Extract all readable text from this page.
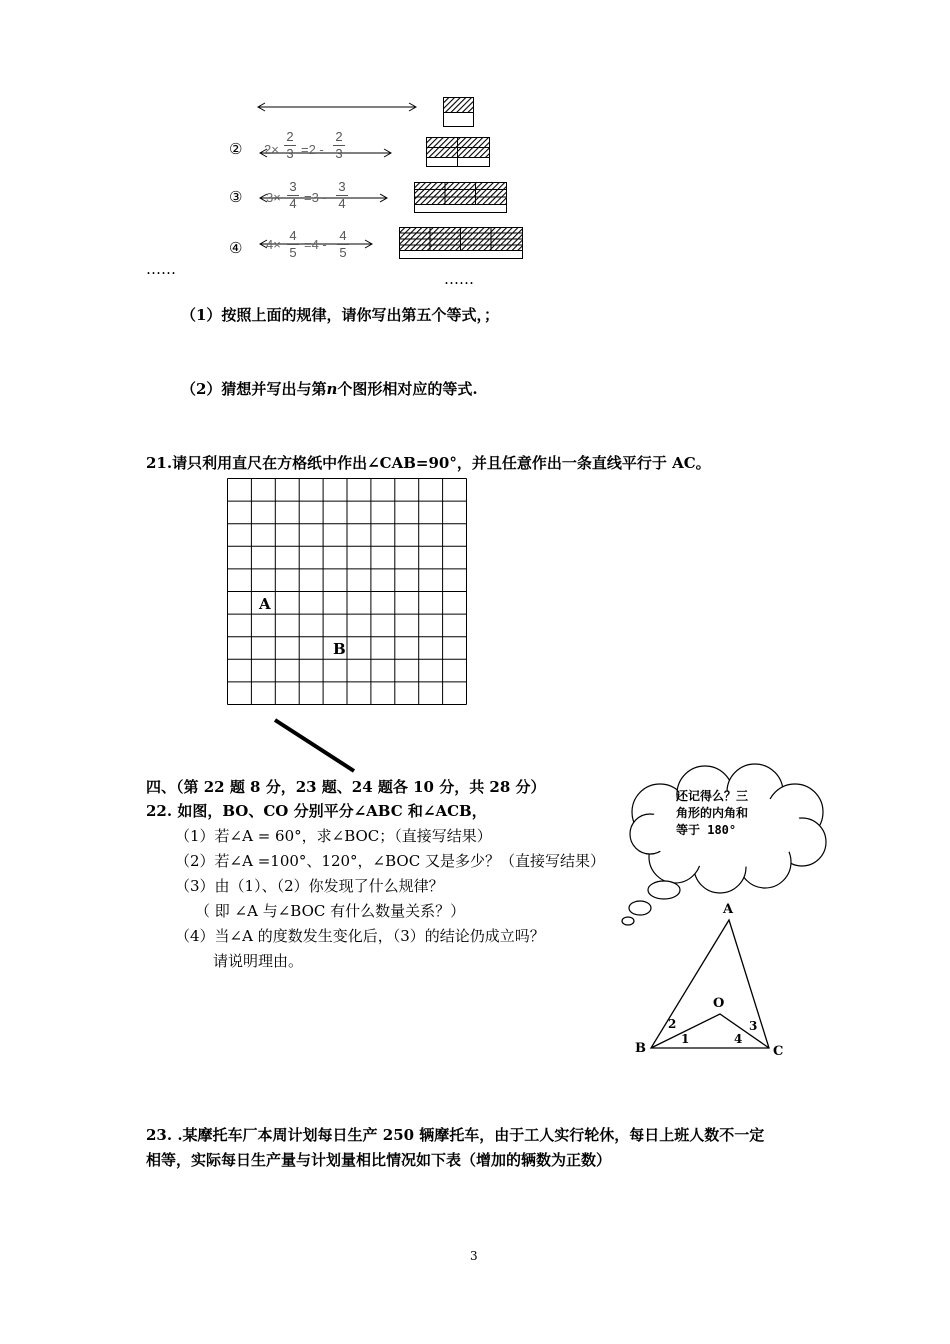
② 2×
2
3 =2 -
2
3
③ 3×
3
4 =3 -
3
4
④ 4×
4
5
=4 -
4
5
……
……
（1）按照上面的规律，请你写出第五个等式，；
（2）猜想并写出与第n个图形相对应的等式.
21.请只利用直尺在方格纸中作出∠CAB=90°，并且任意作出一条直线平行于 AC。
A
B
四、（第 22 题 8 分，23 题、24 题各 10 分，共 28 分）
22. 如图，BO、CO 分别平分∠ABC 和∠ACB，
（1）若∠A = 60°，求∠BOC；（直接写结果）
（2）若∠A =100°、120°，∠BOC 又是多少？（直接写结果）
（3）由（1）、（2）你发现了什么规律？
（ 即 ∠A 与∠BOC 有什么数量关系？）
（4）当∠A 的度数发生变化后，（3）的结论仍成立吗？
请说明理由。
还记得么？三
角形的内角和
等于 180°
A
B	C
O
1
2	3
4
23. .某摩托车厂本周计划每日生产 250 辆摩托车，由于工人实行轮休，每日上班人数不一定
相等，实际每日生产量与计划量相比情况如下表（增加的辆数为正数）
3
